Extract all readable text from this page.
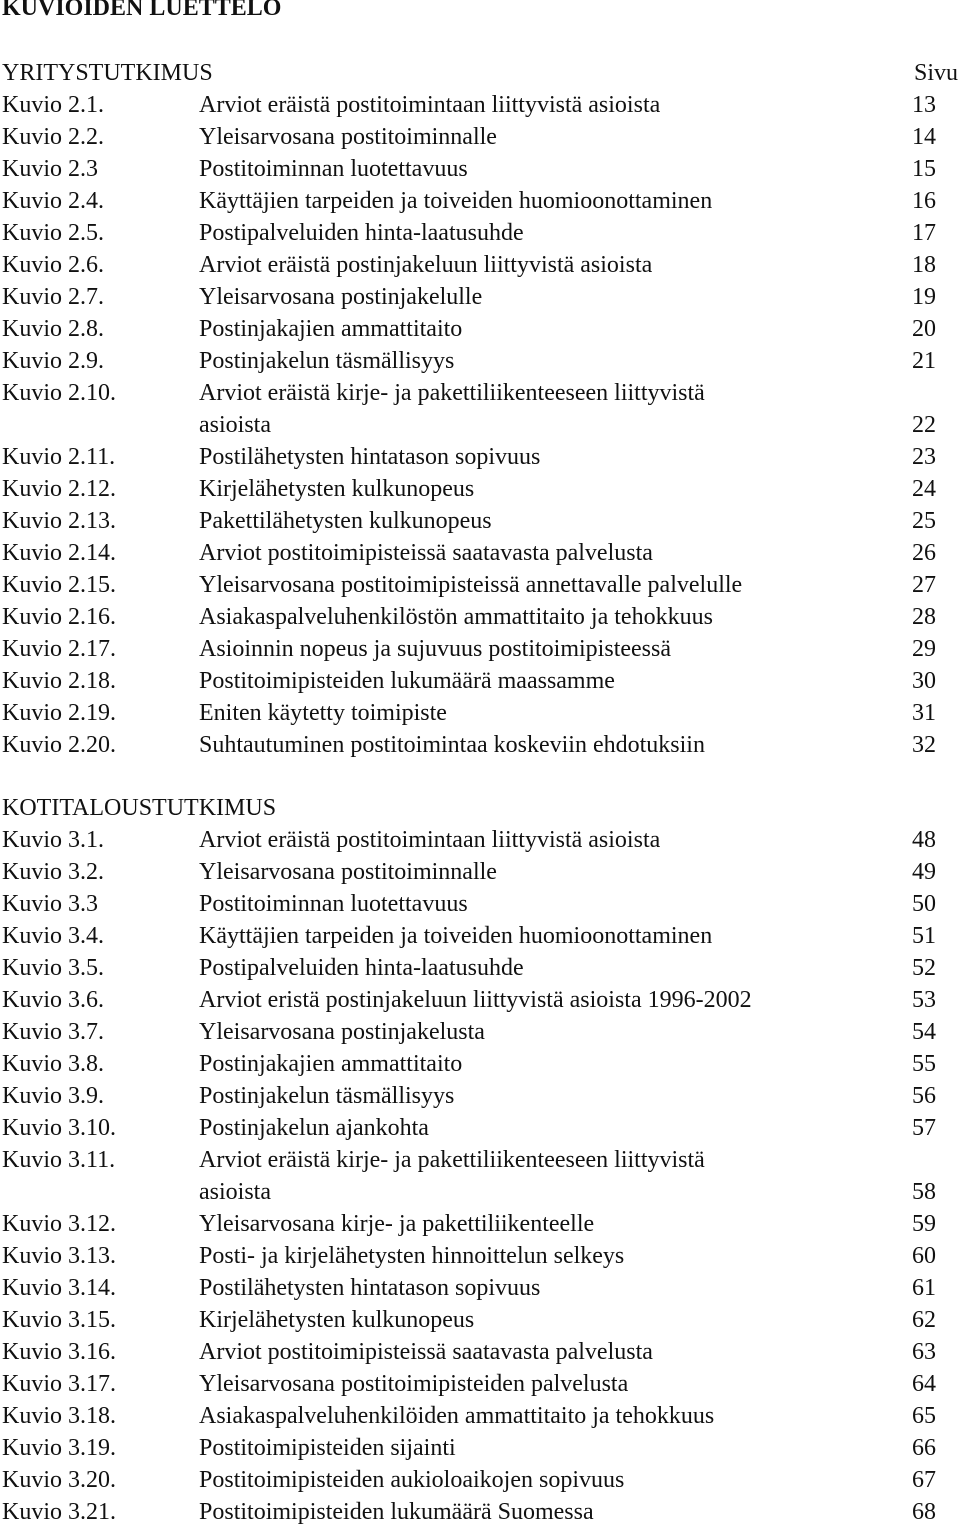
KUVIOIDEN LUETTELO
YRITYSTUTKIMUS	Sivu
Kuvio 2.1.	Arviot eräistä postitoimintaan liittyvistä asioista	13
Kuvio 2.2.	Yleisarvosana postitoiminnalle	14
Kuvio 2.3	Postitoiminnan luotettavuus	15
Kuvio 2.4.	Käyttäjien tarpeiden ja toiveiden huomioonottaminen	16
Kuvio 2.5.	Postipalveluiden hinta-laatusuhde	17
Kuvio 2.6.	Arviot eräistä postinjakeluun liittyvistä asioista	18
Kuvio 2.7.	Yleisarvosana postinjakelulle	19
Kuvio 2.8.	Postinjakajien ammattitaito	20
Kuvio 2.9.	Postinjakelun täsmällisyys	21
Kuvio 2.10.	Arviot eräistä kirje- ja pakettiliikenteeseen liittyvistä
asioista	22
Kuvio 2.11.	Postilähetysten hintatason sopivuus	23
Kuvio 2.12.	Kirjelähetysten kulkunopeus	24
Kuvio 2.13.	Pakettilähetysten kulkunopeus	25
Kuvio 2.14.	Arviot postitoimipisteissä saatavasta palvelusta	26
Kuvio 2.15.	Yleisarvosana postitoimipisteissä annettavalle palvelulle	27
Kuvio 2.16.	Asiakaspalveluhenkilöstön ammattitaito ja tehokkuus	28
Kuvio 2.17.	Asioinnin nopeus ja sujuvuus postitoimipisteessä	29
Kuvio 2.18.	Postitoimipisteiden lukumäärä maassamme	30
Kuvio 2.19.	Eniten käytetty toimipiste	31
Kuvio 2.20.	Suhtautuminen postitoimintaa koskeviin ehdotuksiin	32
KOTITALOUSTUTKIMUS
Kuvio 3.1.	Arviot eräistä postitoimintaan liittyvistä asioista	48
Kuvio 3.2.	Yleisarvosana postitoiminnalle	49
Kuvio 3.3	Postitoiminnan luotettavuus	50
Kuvio 3.4.	Käyttäjien tarpeiden ja toiveiden huomioonottaminen	51
Kuvio 3.5.	Postipalveluiden hinta-laatusuhde	52
Kuvio 3.6.	Arviot eristä postinjakeluun liittyvistä asioista 1996-2002	53
Kuvio 3.7.	Yleisarvosana postinjakelusta	54
Kuvio 3.8.	Postinjakajien ammattitaito	55
Kuvio 3.9.	Postinjakelun täsmällisyys	56
Kuvio 3.10.	Postinjakelun ajankohta	57
Kuvio 3.11.	Arviot eräistä kirje- ja pakettiliikenteeseen liittyvistä
asioista	58
Kuvio 3.12.	Yleisarvosana kirje- ja pakettiliikenteelle	59
Kuvio 3.13.	Posti- ja kirjelähetysten hinnoittelun selkeys	60
Kuvio 3.14.	Postilähetysten hintatason sopivuus	61
Kuvio 3.15.	Kirjelähetysten kulkunopeus	62
Kuvio 3.16.	Arviot postitoimipisteissä saatavasta palvelusta	63
Kuvio 3.17.	Yleisarvosana postitoimipisteiden palvelusta	64
Kuvio 3.18.	Asiakaspalveluhenkilöiden ammattitaito ja tehokkuus	65
Kuvio 3.19.	Postitoimipisteiden sijainti	66
Kuvio 3.20.	Postitoimipisteiden aukioloaikojen sopivuus	67
Kuvio 3.21.	Postitoimipisteiden lukumäärä Suomessa	68
